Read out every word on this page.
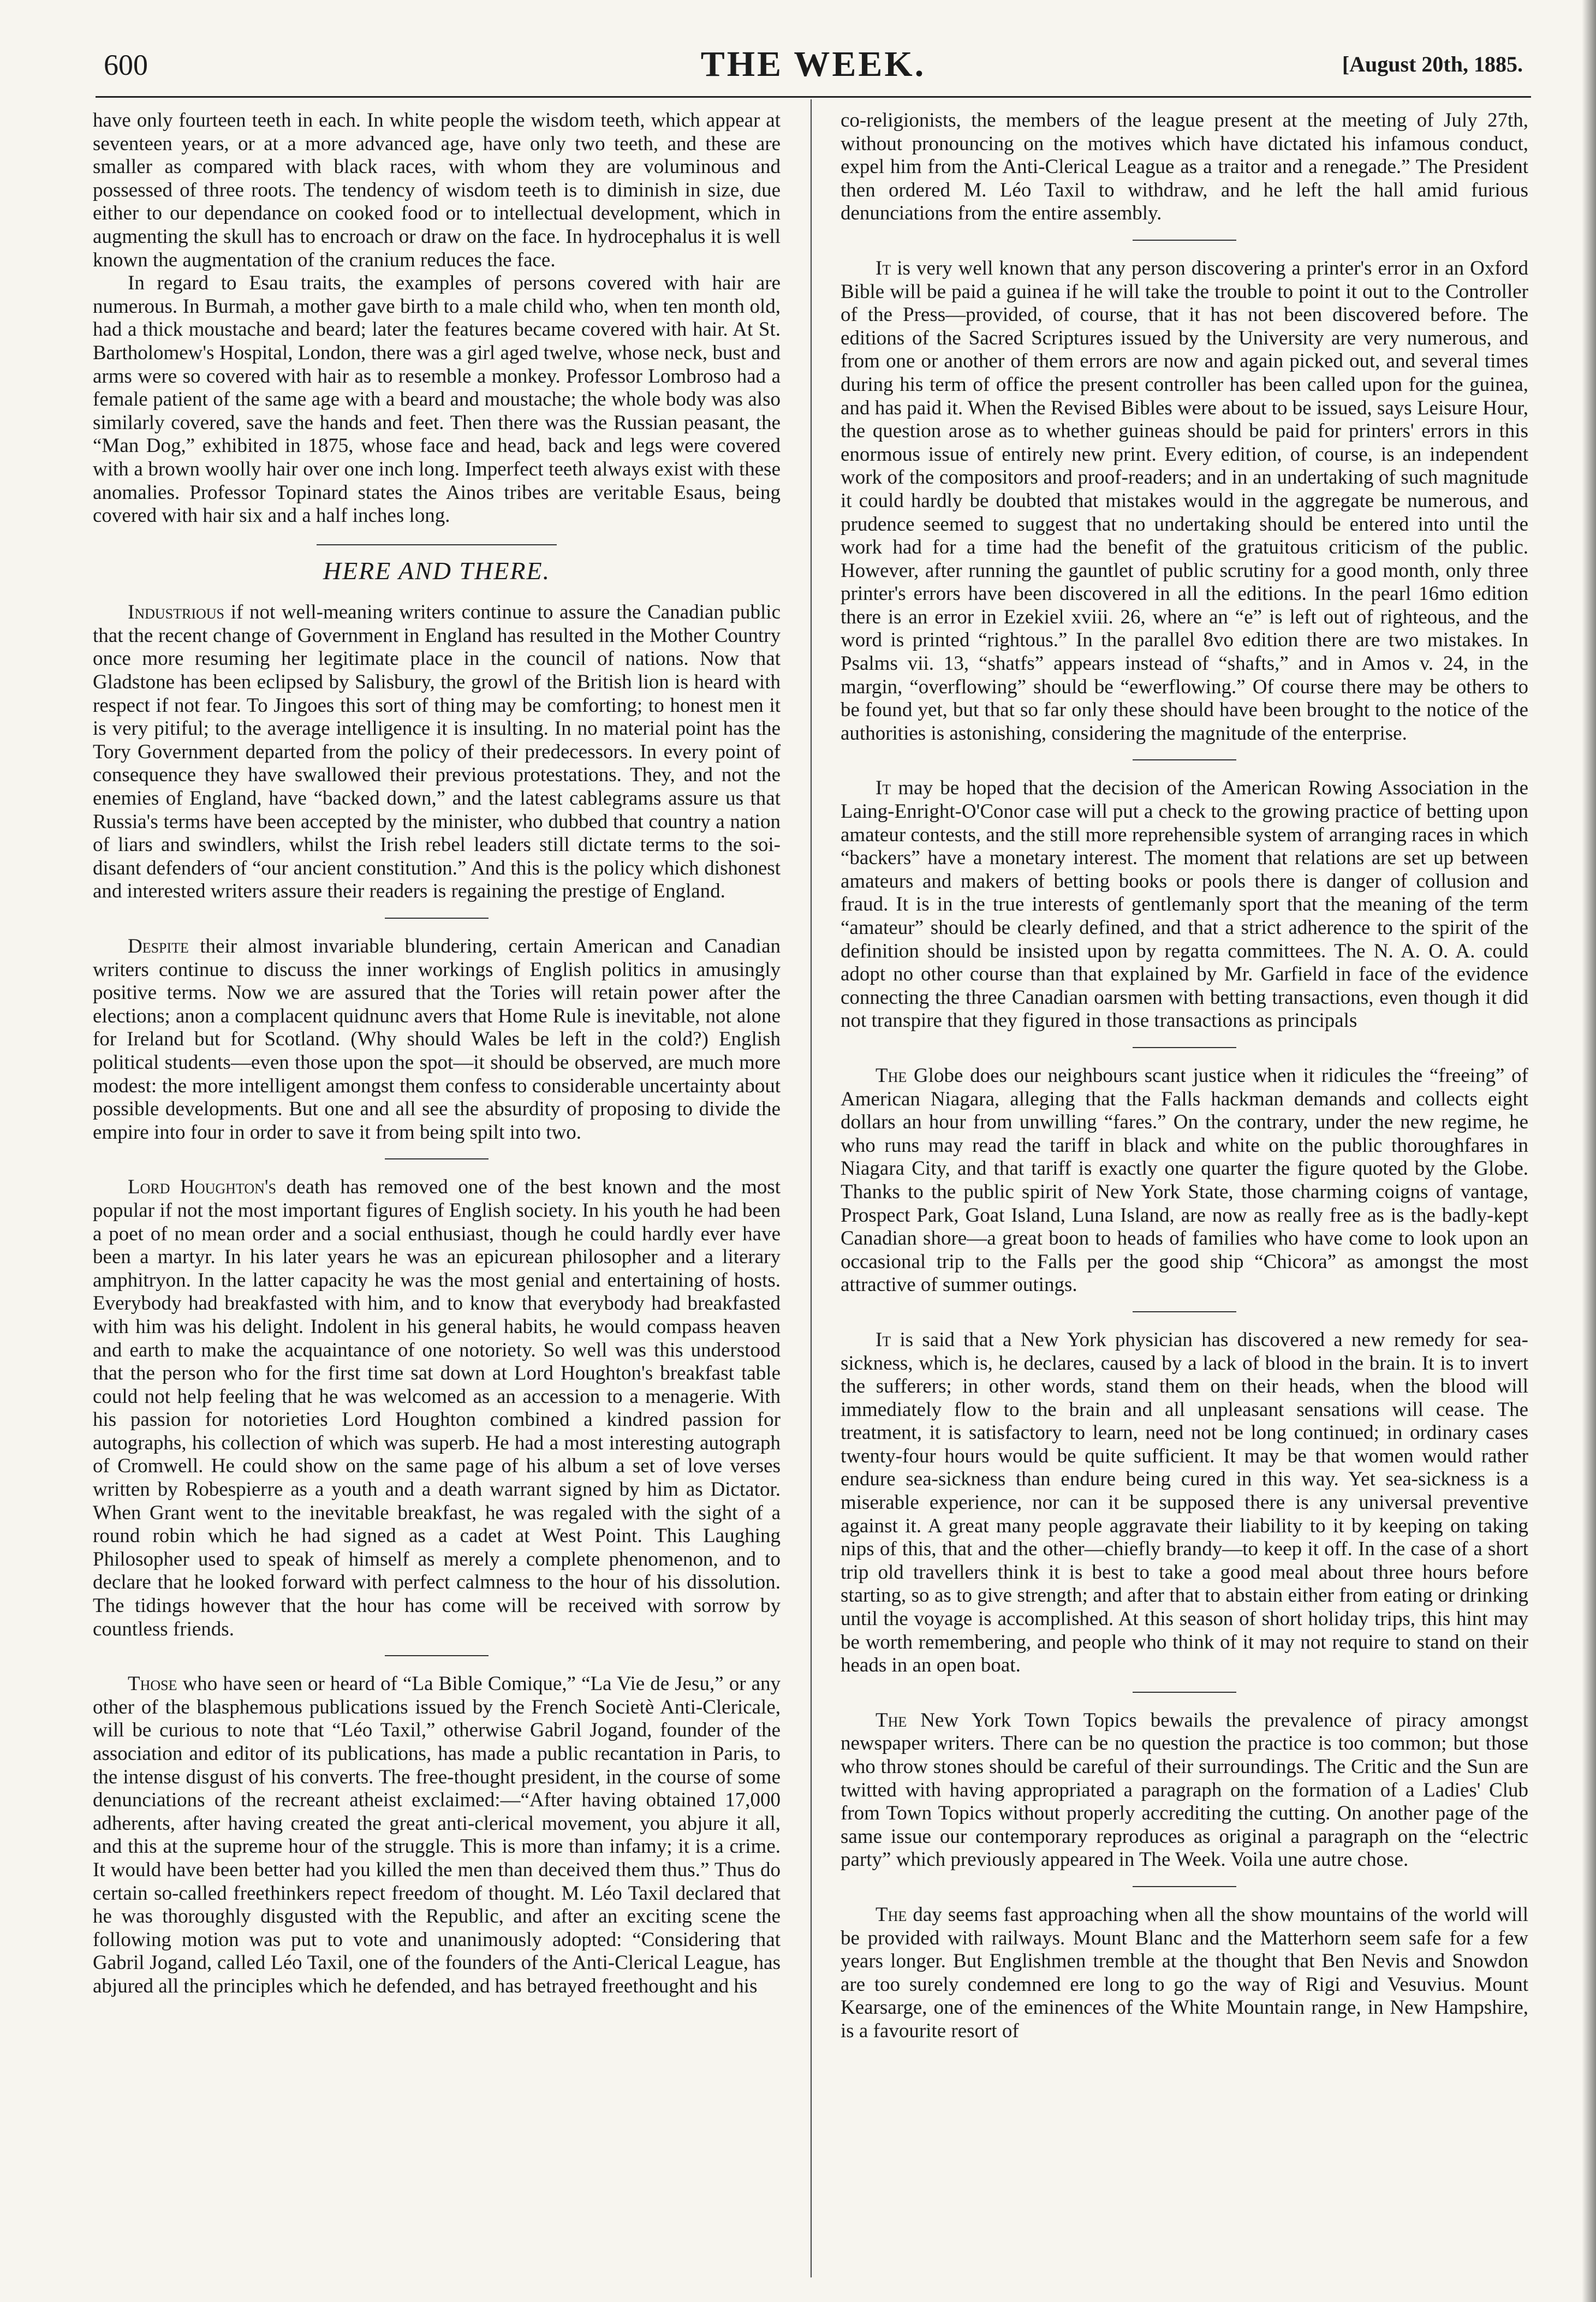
600	THE WEEK.	[August 20th, 1885.

have only fourteen teeth in each. In white people the wisdom teeth, which appear at seventeen years, or at a more advanced age, have only two teeth, and these are smaller as compared with black races, with whom they are voluminous and possessed of three roots. The tendency of wisdom teeth is to diminish in size, due either to our dependance on cooked food or to intellectual development, which in augmenting the skull has to encroach or draw on the face. In hydrocephalus it is well known the augmentation of the cranium reduces the face.

In regard to Esau traits, the examples of persons covered with hair are numerous. In Burmah, a mother gave birth to a male child who, when ten month old, had a thick moustache and beard; later the features became covered with hair. At St. Bartholomew's Hospital, London, there was a girl aged twelve, whose neck, bust and arms were so covered with hair as to resemble a monkey. Professor Lombroso had a female patient of the same age with a beard and moustache; the whole body was also similarly covered, save the hands and feet. Then there was the Russian peasant, the “Man Dog,” exhibited in 1875, whose face and head, back and legs were covered with a brown woolly hair over one inch long. Imperfect teeth always exist with these anomalies. Professor Topinard states the Ainos tribes are veritable Esaus, being covered with hair six and a half inches long.

HERE AND THERE.

Industrious if not well-meaning writers continue to assure the Canadian public that the recent change of Government in England has resulted in the Mother Country once more resuming her legitimate place in the council of nations. Now that Gladstone has been eclipsed by Salisbury, the growl of the British lion is heard with respect if not fear. To Jingoes this sort of thing may be comforting; to honest men it is very pitiful; to the average intelligence it is insulting. In no material point has the Tory Government departed from the policy of their predecessors. In every point of consequence they have swallowed their previous protestations. They, and not the enemies of England, have “backed down,” and the latest cablegrams assure us that Russia's terms have been accepted by the minister, who dubbed that country a nation of liars and swindlers, whilst the Irish rebel leaders still dictate terms to the soi-disant defenders of “our ancient constitution.” And this is the policy which dishonest and interested writers assure their readers is regaining the prestige of England.

Despite their almost invariable blundering, certain American and Canadian writers continue to discuss the inner workings of English politics in amusingly positive terms. Now we are assured that the Tories will retain power after the elections; anon a complacent quidnunc avers that Home Rule is inevitable, not alone for Ireland but for Scotland. (Why should Wales be left in the cold?) English political students—even those upon the spot—it should be observed, are much more modest: the more intelligent amongst them confess to considerable uncertainty about possible developments. But one and all see the absurdity of proposing to divide the empire into four in order to save it from being spilt into two.

Lord Houghton's death has removed one of the best known and the most popular if not the most important figures of English society. In his youth he had been a poet of no mean order and a social enthusiast, though he could hardly ever have been a martyr. In his later years he was an epicurean philosopher and a literary amphitryon. In the latter capacity he was the most genial and entertaining of hosts. Everybody had breakfasted with him, and to know that everybody had breakfasted with him was his delight. Indolent in his general habits, he would compass heaven and earth to make the acquaintance of one notoriety. So well was this understood that the person who for the first time sat down at Lord Houghton's breakfast table could not help feeling that he was welcomed as an accession to a menagerie. With his passion for notorieties Lord Houghton combined a kindred passion for autographs, his collection of which was superb. He had a most interesting autograph of Cromwell. He could show on the same page of his album a set of love verses written by Robespierre as a youth and a death warrant signed by him as Dictator. When Grant went to the inevitable breakfast, he was regaled with the sight of a round robin which he had signed as a cadet at West Point. This Laughing Philosopher used to speak of himself as merely a complete phenomenon, and to declare that he looked forward with perfect calmness to the hour of his dissolution. The tidings however that the hour has come will be received with sorrow by countless friends.

Those who have seen or heard of “La Bible Comique,” “La Vie de Jesu,” or any other of the blasphemous publications issued by the French Societè Anti-Clericale, will be curious to note that “Léo Taxil,” otherwise Gabril Jogand, founder of the association and editor of its publications, has made a public recantation in Paris, to the intense disgust of his converts. The free-thought president, in the course of some denunciations of the recreant atheist exclaimed:—“After having obtained 17,000 adherents, after having created the great anti-clerical movement, you abjure it all, and this at the supreme hour of the struggle. This is more than infamy; it is a crime. It would have been better had you killed the men than deceived them thus.” Thus do certain so-called freethinkers repect freedom of thought. M. Léo Taxil declared that he was thoroughly disgusted with the Republic, and after an exciting scene the following motion was put to vote and unanimously adopted: “Considering that Gabril Jogand, called Léo Taxil, one of the founders of the Anti-Clerical League, has abjured all the principles which he defended, and has betrayed freethought and his

co-religionists, the members of the league present at the meeting of July 27th, without pronouncing on the motives which have dictated his infamous conduct, expel him from the Anti-Clerical League as a traitor and a renegade.” The President then ordered M. Léo Taxil to withdraw, and he left the hall amid furious denunciations from the entire assembly.

It is very well known that any person discovering a printer's error in an Oxford Bible will be paid a guinea if he will take the trouble to point it out to the Controller of the Press—provided, of course, that it has not been discovered before. The editions of the Sacred Scriptures issued by the University are very numerous, and from one or another of them errors are now and again picked out, and several times during his term of office the present controller has been called upon for the guinea, and has paid it. When the Revised Bibles were about to be issued, says Leisure Hour, the question arose as to whether guineas should be paid for printers' errors in this enormous issue of entirely new print. Every edition, of course, is an independent work of the compositors and proof-readers; and in an undertaking of such magnitude it could hardly be doubted that mistakes would in the aggregate be numerous, and prudence seemed to suggest that no undertaking should be entered into until the work had for a time had the benefit of the gratuitous criticism of the public. However, after running the gauntlet of public scrutiny for a good month, only three printer's errors have been discovered in all the editions. In the pearl 16mo edition there is an error in Ezekiel xviii. 26, where an “e” is left out of righteous, and the word is printed “rightous.” In the parallel 8vo edition there are two mistakes. In Psalms vii. 13, “shatfs” appears instead of “shafts,” and in Amos v. 24, in the margin, “overflowing” should be “ewerflowing.” Of course there may be others to be found yet, but that so far only these should have been brought to the notice of the authorities is astonishing, considering the magnitude of the enterprise.

It may be hoped that the decision of the American Rowing Association in the Laing-Enright-O'Conor case will put a check to the growing practice of betting upon amateur contests, and the still more reprehensible system of arranging races in which “backers” have a monetary interest. The moment that relations are set up between amateurs and makers of betting books or pools there is danger of collusion and fraud. It is in the true interests of gentlemanly sport that the meaning of the term “amateur” should be clearly defined, and that a strict adherence to the spirit of the definition should be insisted upon by regatta committees. The N. A. O. A. could adopt no other course than that explained by Mr. Garfield in face of the evidence connecting the three Canadian oarsmen with betting transactions, even though it did not transpire that they figured in those transactions as principals

The Globe does our neighbours scant justice when it ridicules the “freeing” of American Niagara, alleging that the Falls hackman demands and collects eight dollars an hour from unwilling “fares.” On the contrary, under the new regime, he who runs may read the tariff in black and white on the public thoroughfares in Niagara City, and that tariff is exactly one quarter the figure quoted by the Globe. Thanks to the public spirit of New York State, those charming coigns of vantage, Prospect Park, Goat Island, Luna Island, are now as really free as is the badly-kept Canadian shore—a great boon to heads of families who have come to look upon an occasional trip to the Falls per the good ship “Chicora” as amongst the most attractive of summer outings.

It is said that a New York physician has discovered a new remedy for sea-sickness, which is, he declares, caused by a lack of blood in the brain. It is to invert the sufferers; in other words, stand them on their heads, when the blood will immediately flow to the brain and all unpleasant sensations will cease. The treatment, it is satisfactory to learn, need not be long continued; in ordinary cases twenty-four hours would be quite sufficient. It may be that women would rather endure sea-sickness than endure being cured in this way. Yet sea-sickness is a miserable experience, nor can it be supposed there is any universal preventive against it. A great many people aggravate their liability to it by keeping on taking nips of this, that and the other—chiefly brandy—to keep it off. In the case of a short trip old travellers think it is best to take a good meal about three hours before starting, so as to give strength; and after that to abstain either from eating or drinking until the voyage is accomplished. At this season of short holiday trips, this hint may be worth remembering, and people who think of it may not require to stand on their heads in an open boat.

The New York Town Topics bewails the prevalence of piracy amongst newspaper writers. There can be no question the practice is too common; but those who throw stones should be careful of their surroundings. The Critic and the Sun are twitted with having appropriated a paragraph on the formation of a Ladies' Club from Town Topics without properly accrediting the cutting. On another page of the same issue our contemporary reproduces as original a paragraph on the “electric party” which previously appeared in The Week. Voila une autre chose.

The day seems fast approaching when all the show mountains of the world will be provided with railways. Mount Blanc and the Matterhorn seem safe for a few years longer. But Englishmen tremble at the thought that Ben Nevis and Snowdon are too surely condemned ere long to go the way of Rigi and Vesuvius. Mount Kearsarge, one of the eminences of the White Mountain range, in New Hampshire, is a favourite resort of
